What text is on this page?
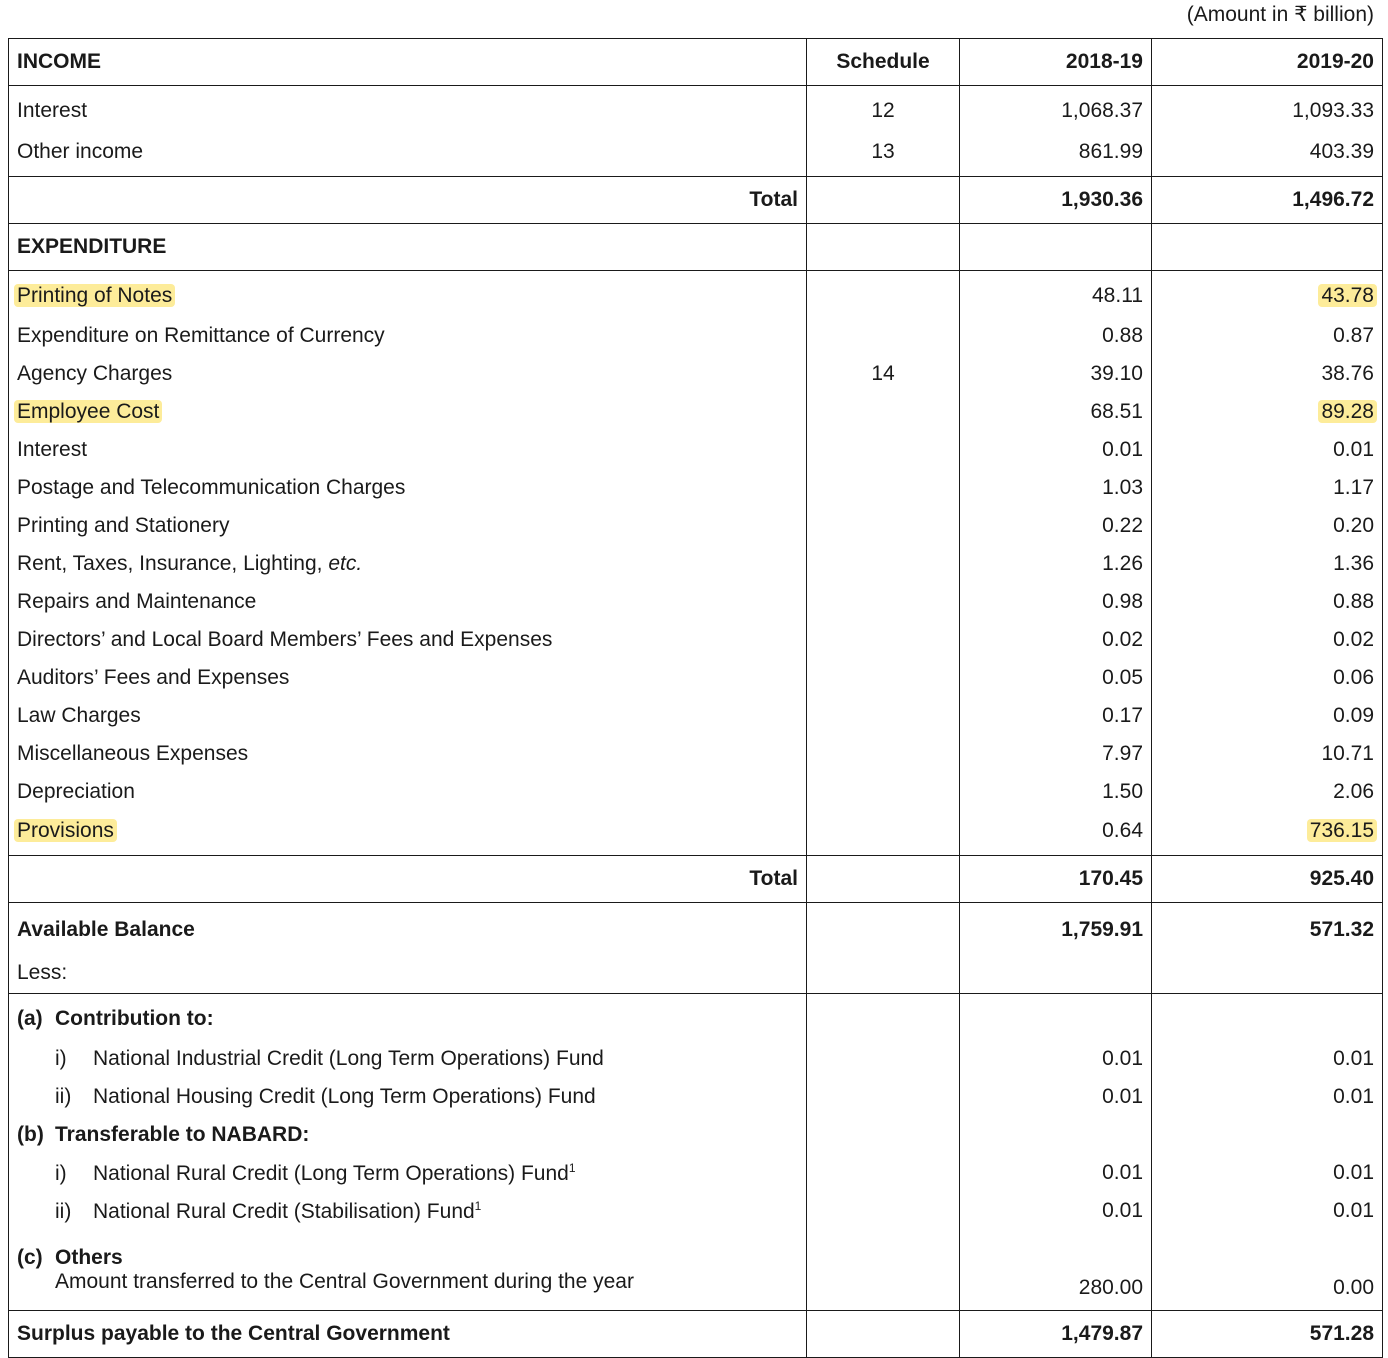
(Amount in ₹ billion)
INCOME	Schedule	2018-19	2019-20
Interest	12	1,068.37	1,093.33
Other income	13	861.99	403.39
Total		1,930.36	1,496.72
EXPENDITURE			
Printing of Notes		48.11	43.78
Expenditure on Remittance of Currency		0.88	0.87
Agency Charges	14	39.10	38.76
Employee Cost		68.51	89.28
Interest		0.01	0.01
Postage and Telecommunication Charges		1.03	1.17
Printing and Stationery		0.22	0.20
Rent, Taxes, Insurance, Lighting, etc.		1.26	1.36
Repairs and Maintenance		0.98	0.88
Directors’ and Local Board Members’ Fees and Expenses		0.02	0.02
Auditors’ Fees and Expenses		0.05	0.06
Law Charges		0.17	0.09
Miscellaneous Expenses		7.97	10.71
Depreciation		1.50	2.06
Provisions		0.64	736.15
Total		170.45	925.40
Available Balance		1,759.91	571.32
Less:			
(a) Contribution to:			
i) National Industrial Credit (Long Term Operations) Fund		0.01	0.01
ii) National Housing Credit (Long Term Operations) Fund		0.01	0.01
(b) Transferable to NABARD:			
i) National Rural Credit (Long Term Operations) Fund$^1$		0.01	0.01
ii) National Rural Credit (Stabilisation) Fund$^1$		0.01	0.01

(c) Others
Amount transferred to the Central Government during the year		280.00	0.00
Surplus payable to the Central Government		1,479.87	571.28
